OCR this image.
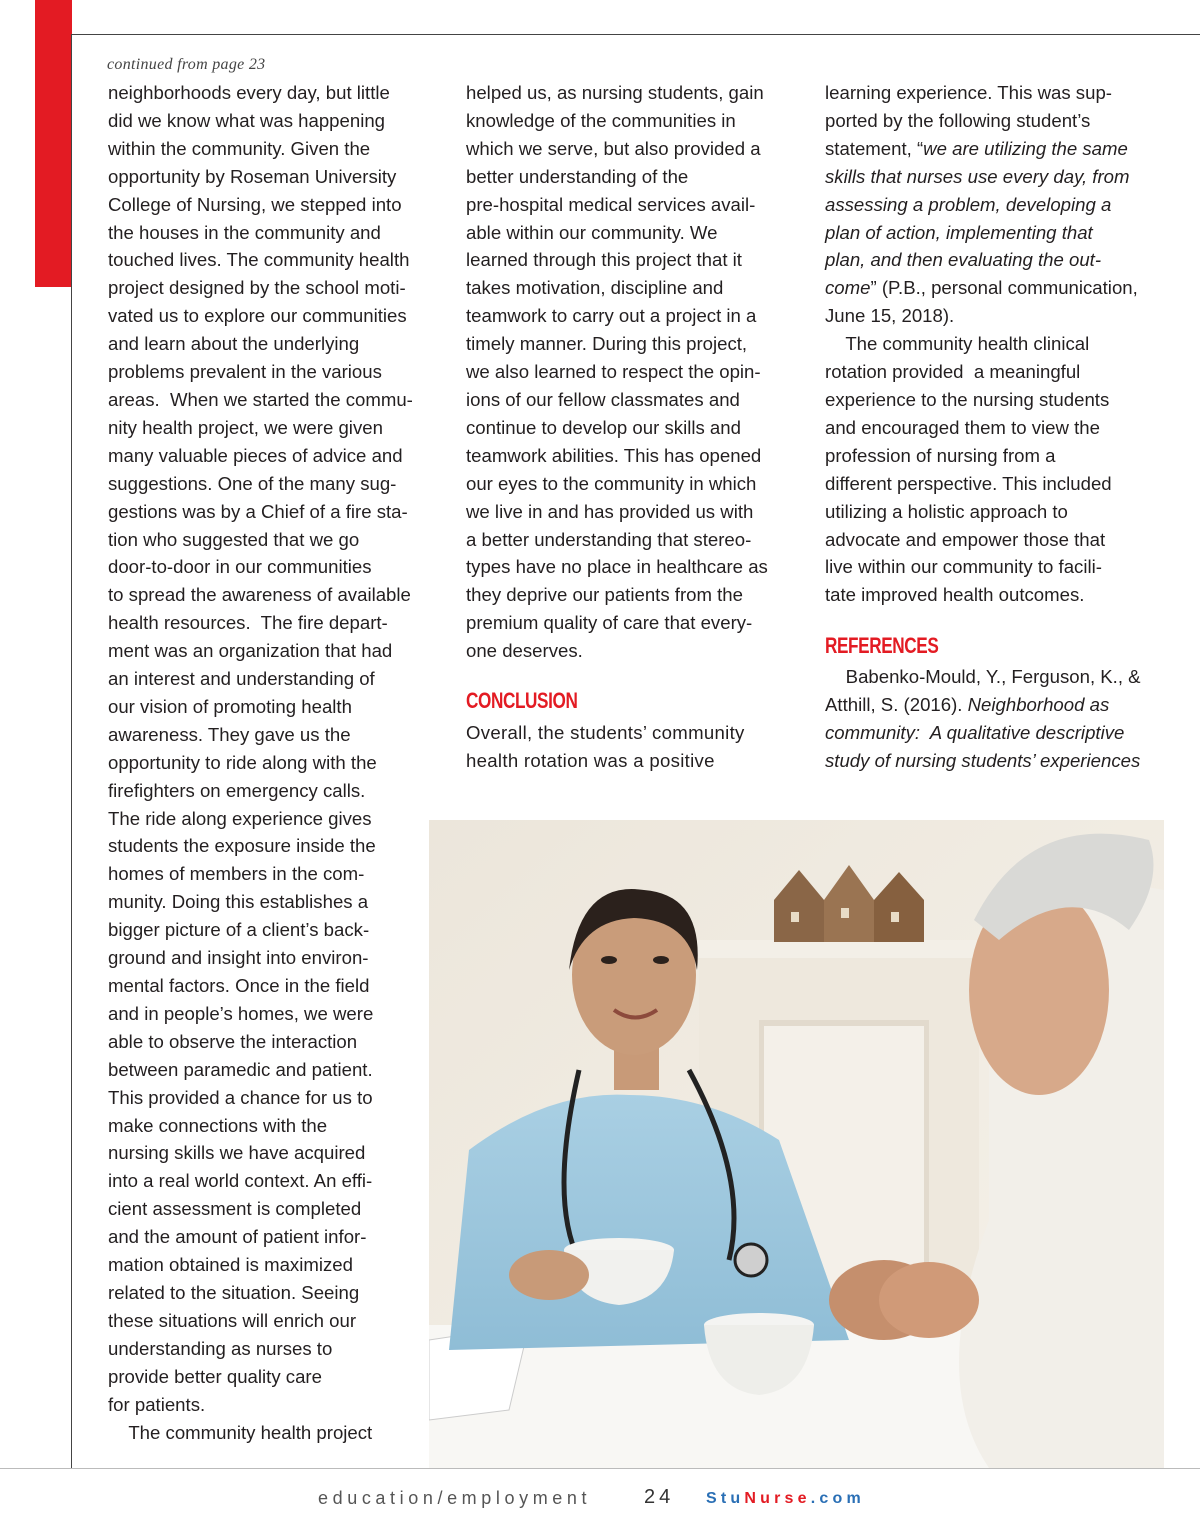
continued from page 23

neighborhoods every day, but little

did we know what was happening

within the community. Given the

opportunity by Roseman University

College of Nursing, we stepped into

the houses in the community and

touched lives. The community health

project designed by the school moti-

vated us to explore our communities

and learn about the underlying

problems prevalent in the various

areas.  When we started the commu-

nity health project, we were given

many valuable pieces of advice and

suggestions. One of the many sug-

gestions was by a Chief of a fire sta-

tion who suggested that we go

door-to-door in our communities

to spread the awareness of available

health resources.  The fire depart-

ment was an organization that had

an interest and understanding of

our vision of promoting health

awareness. They gave us the

opportunity to ride along with the

firefighters on emergency calls.

The ride along experience gives

students the exposure inside the

homes of members in the com-

munity. Doing this establishes a

bigger picture of a client’s back-

ground and insight into environ-

mental factors. Once in the field

and in people’s homes, we were

able to observe the interaction

between paramedic and patient.

This provided a chance for us to

make connections with the

nursing skills we have acquired

into a real world context. An effi-

cient assessment is completed

and the amount of patient infor-

mation obtained is maximized

related to the situation. Seeing

these situations will enrich our

understanding as nurses to

provide better quality care

for patients.

The community health project

helped us, as nursing students, gain

knowledge of the communities in

which we serve, but also provided a

better understanding of the

pre-hospital medical services avail-

able within our community. We

learned through this project that it

takes motivation, discipline and

teamwork to carry out a project in a

timely manner. During this project,

we also learned to respect the opin-

ions of our fellow classmates and

continue to develop our skills and

teamwork abilities. This has opened

our eyes to the community in which

we live in and has provided us with

a better understanding that stereo-

types have no place in healthcare as

they deprive our patients from the

premium quality of care that every-

one deserves.

CONCLUSION

Overall, the students’ community

health rotation was a positive

learning experience. This was sup-

ported by the following student’s

statement, “we are utilizing the same

skills that nurses use every day, from

assessing a problem, developing a

plan of action, implementing that

plan, and then evaluating the out-

come” (P.B., personal communication,

June 15, 2018).

The community health clinical

rotation provided  a meaningful

experience to the nursing students

and encouraged them to view the

profession of nursing from a

different perspective. This included

utilizing a holistic approach to

advocate and empower those that

live within our community to facili-

tate improved health outcomes.

REFERENCES

Babenko-Mould, Y., Ferguson, K., &

Atthill, S. (2016). Neighborhood as

community:  A qualitative descriptive

study of nursing students’ experiences

education/employment	24 StuNurse.com
